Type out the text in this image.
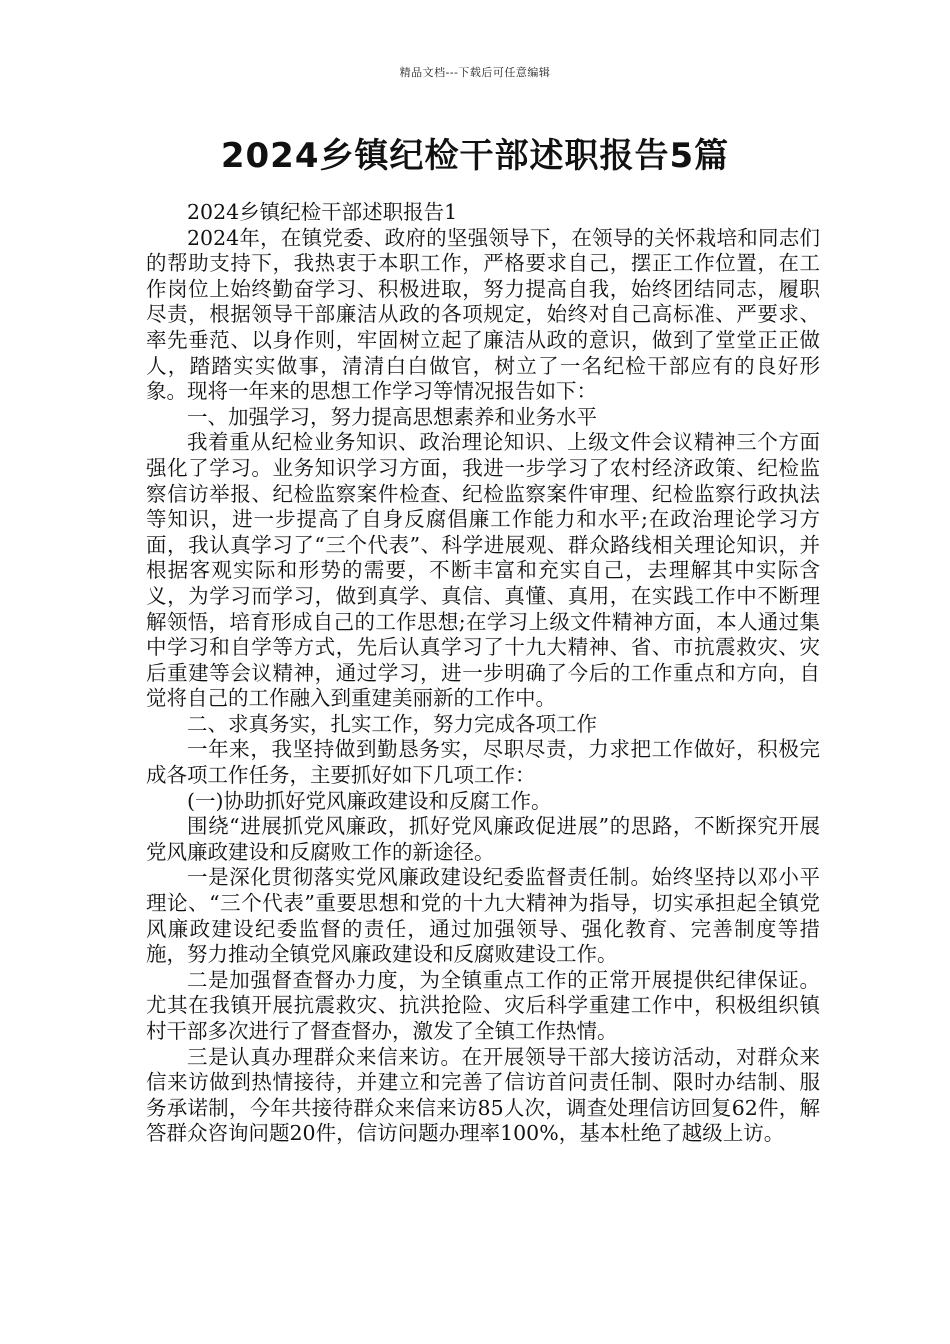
精品文档---下载后可任意编辑
2024乡镇纪检干部述职报告5篇

2024乡镇纪检干部述职报告1

2024年，在镇党委、政府的坚强领导下，在领导的关怀栽培和同志们的帮助支持下，我热衷于本职工作，严格要求自己，摆正工作位置，在工作岗位上始终勤奋学习、积极进取，努力提高自我，始终团结同志，履职尽责，根据领导干部廉洁从政的各项规定，始终对自己高标准、严要求、率先垂范、以身作则，牢固树立起了廉洁从政的意识，做到了堂堂正正做人，踏踏实实做事，清清白白做官，树立了一名纪检干部应有的良好形象。现将一年来的思想工作学习等情况报告如下：

一、加强学习，努力提高思想素养和业务水平

我着重从纪检业务知识、政治理论知识、上级文件会议精神三个方面强化了学习。业务知识学习方面，我进一步学习了农村经济政策、纪检监察信访举报、纪检监察案件检查、纪检监察案件审理、纪检监察行政执法等知识，进一步提高了自身反腐倡廉工作能力和水平;在政治理论学习方面，我认真学习了“三个代表”、科学进展观、群众路线相关理论知识，并根据客观实际和形势的需要，不断丰富和充实自己，去理解其中实际含义，为学习而学习，做到真学、真信、真懂、真用，在实践工作中不断理解领悟，培育形成自己的工作思想;在学习上级文件精神方面，本人通过集中学习和自学等方式，先后认真学习了十九大精神、省、市抗震救灾、灾后重建等会议精神，通过学习，进一步明确了今后的工作重点和方向，自觉将自己的工作融入到重建美丽新的工作中。

二、求真务实，扎实工作，努力完成各项工作

一年来，我坚持做到勤恳务实，尽职尽责，力求把工作做好，积极完成各项工作任务，主要抓好如下几项工作：

(一)协助抓好党风廉政建设和反腐工作。

围绕“进展抓党风廉政，抓好党风廉政促进展”的思路，不断探究开展党风廉政建设和反腐败工作的新途径。

一是深化贯彻落实党风廉政建设纪委监督责任制。始终坚持以邓小平理论、“三个代表”重要思想和党的十九大精神为指导，切实承担起全镇党风廉政建设纪委监督的责任，通过加强领导、强化教育、完善制度等措施，努力推动全镇党风廉政建设和反腐败建设工作。

二是加强督查督办力度，为全镇重点工作的正常开展提供纪律保证。尤其在我镇开展抗震救灾、抗洪抢险、灾后科学重建工作中，积极组织镇村干部多次进行了督查督办，激发了全镇工作热情。

三是认真办理群众来信来访。在开展领导干部大接访活动，对群众来信来访做到热情接待，并建立和完善了信访首问责任制、限时办结制、服务承诺制，今年共接待群众来信来访85人次，调查处理信访回复62件，解答群众咨询问题20件，信访问题办理率100%，基本杜绝了越级上访。
